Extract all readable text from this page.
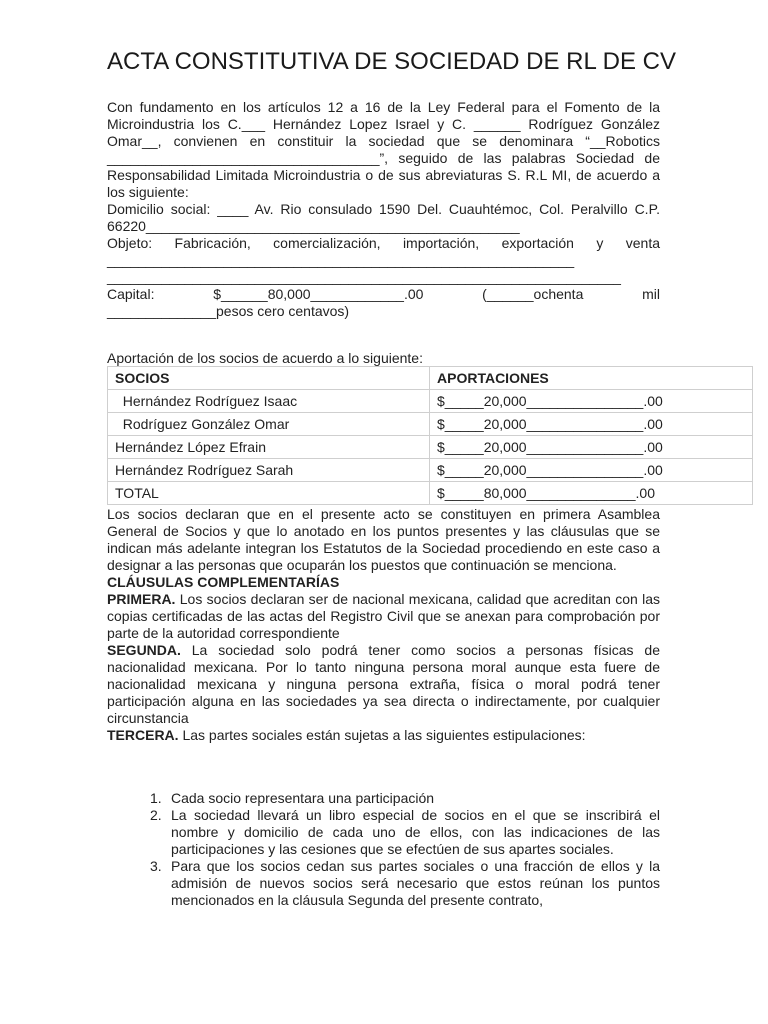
ACTA CONSTITUTIVA DE SOCIEDAD DE RL DE CV

Con fundamento en los artículos 12 a 16 de la Ley Federal para el Fomento de la Microindustria los C.___ Hernández Lopez Israel y C. ______ Rodríguez González Omar__, convienen en constituir la sociedad que se denominara “__Robotics ___________________________________”, seguido de las palabras Sociedad de Responsabilidad Limitada Microindustria o de sus abreviaturas S. R.L MI, de acuerdo a los siguiente:

Domicilio social: ____ Av. Rio consulado 1590 Del. Cuauhtémoc, Col. Peralvillo C.P. 66220________________________________________________

Objeto: Fabricación, comercialización, importación, exportación y venta

____________________________________________________________

__________________________________________________________________

Capital:	$______80,000____________.00	(______ochenta	mil

______________pesos cero centavos)

Aportación de los socios de acuerdo a lo siguiente:
SOCIOS	APORTACIONES
Hernández Rodríguez Isaac	$_____20,000_______________.00
Rodríguez González Omar	$_____20,000_______________.00
Hernández López Efrain	$_____20,000_______________.00
Hernández Rodríguez Sarah	$_____20,000_______________.00
TOTAL	$_____80,000______________.00

Los socios declaran que en el presente acto se constituyen en primera Asamblea General de Socios y que lo anotado en los puntos presentes y las cláusulas que se indican más adelante integran los Estatutos de la Sociedad procediendo en este caso a designar a las personas que ocuparán los puestos que continuación se menciona.

CLÁUSULAS COMPLEMENTARÍAS

PRIMERA. Los socios declaran ser de nacional mexicana, calidad que acreditan con las copias certificadas de las actas del Registro Civil que se anexan para comprobación por parte de la autoridad correspondiente

SEGUNDA. La sociedad solo podrá tener como socios a personas físicas de nacionalidad mexicana. Por lo tanto ninguna persona moral aunque esta fuere de nacionalidad mexicana y ninguna persona extraña, física o moral podrá tener participación alguna en las sociedades ya sea directa o indirectamente, por cualquier circunstancia

TERCERA. Las partes sociales están sujetas a las siguientes estipulaciones:

1. Cada socio representara una participación
2. La sociedad llevará un libro especial de socios en el que se inscribirá el nombre y domicilio de cada uno de ellos, con las indicaciones de las participaciones y las cesiones que se efectúen de sus apartes sociales.
3. Para que los socios cedan sus partes sociales o una fracción de ellos y la admisión de nuevos socios será necesario que estos reúnan los puntos mencionados en la cláusula Segunda del presente contrato,
